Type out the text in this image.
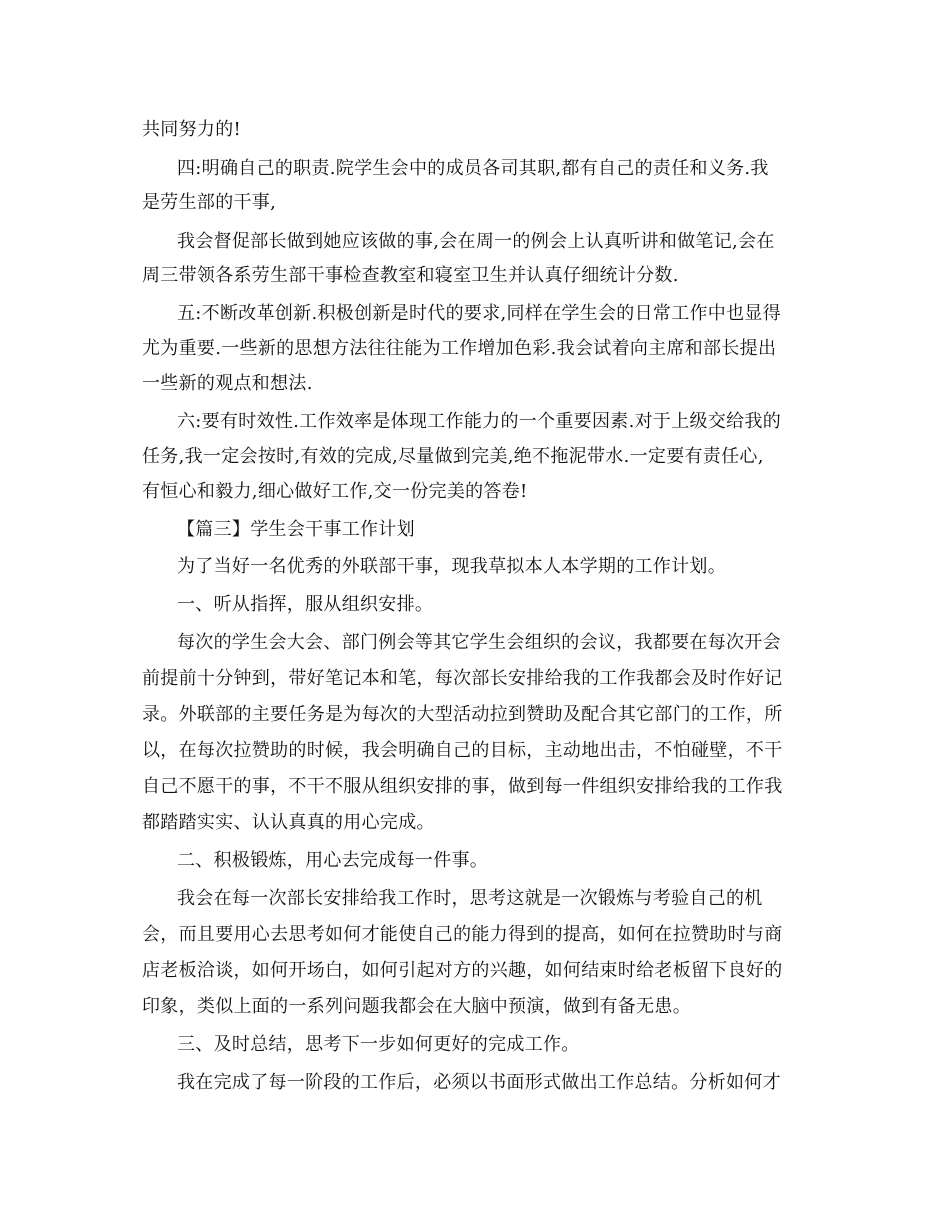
共同努力的!
四:明确自己的职责.院学生会中的成员各司其职,都有自己的责任和义务.我
是劳生部的干事,
我会督促部长做到她应该做的事,会在周一的例会上认真听讲和做笔记,会在
周三带领各系劳生部干事检查教室和寝室卫生并认真仔细统计分数.
五:不断改革创新.积极创新是时代的要求,同样在学生会的日常工作中也显得
尤为重要.一些新的思想方法往往能为工作增加色彩.我会试着向主席和部长提出
一些新的观点和想法.
六:要有时效性.工作效率是体现工作能力的一个重要因素.对于上级交给我的
任务,我一定会按时,有效的完成,尽量做到完美,绝不拖泥带水.一定要有责任心,
有恒心和毅力,细心做好工作,交一份完美的答卷!
【篇三】学生会干事工作计划
为了当好一名优秀的外联部干事，现我草拟本人本学期的工作计划。
一、听从指挥，服从组织安排。
每次的学生会大会、部门例会等其它学生会组织的会议，我都要在每次开会
前提前十分钟到，带好笔记本和笔，每次部长安排给我的工作我都会及时作好记
录。外联部的主要任务是为每次的大型活动拉到赞助及配合其它部门的工作，所
以，在每次拉赞助的时候，我会明确自己的目标，主动地出击，不怕碰壁，不干
自己不愿干的事，不干不服从组织安排的事，做到每一件组织安排给我的工作我
都踏踏实实、认认真真的用心完成。
二、积极锻炼，用心去完成每一件事。
我会在每一次部长安排给我工作时，思考这就是一次锻炼与考验自己的机
会，而且要用心去思考如何才能使自己的能力得到的提高，如何在拉赞助时与商
店老板洽谈，如何开场白，如何引起对方的兴趣，如何结束时给老板留下良好的
印象，类似上面的一系列问题我都会在大脑中预演，做到有备无患。
三、及时总结，思考下一步如何更好的完成工作。
我在完成了每一阶段的工作后，必须以书面形式做出工作总结。分析如何才
